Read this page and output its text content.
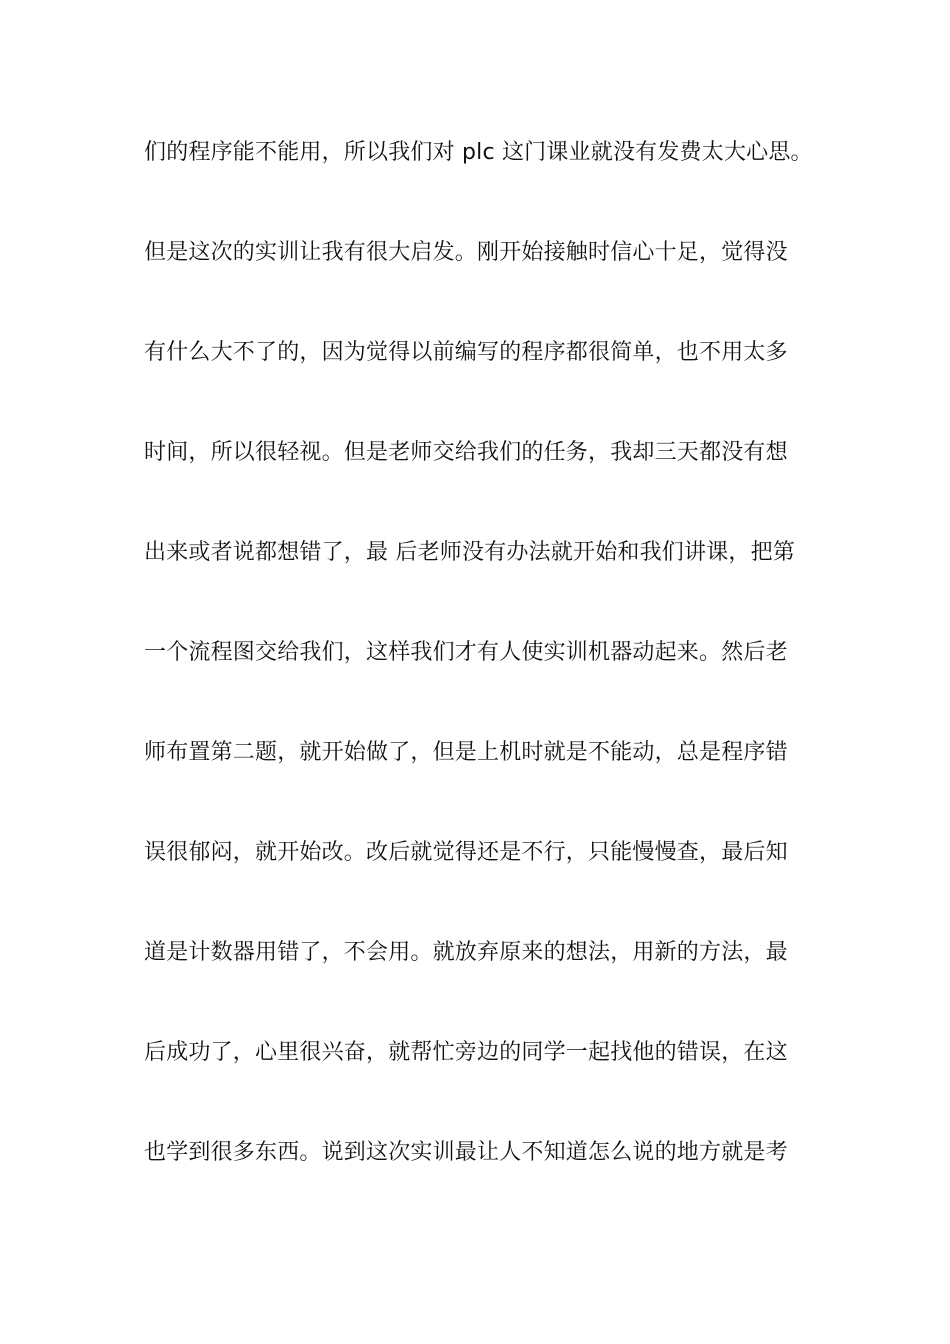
们的程序能不能用，所以我们对 plc 这门课业就没有发费太大心思。
但是这次的实训让我有很大启发。刚开始接触时信心十足，觉得没
有什么大不了的，因为觉得以前编写的程序都很简单，也不用太多
时间，所以很轻视。但是老师交给我们的任务，我却三天都没有想
出来或者说都想错了，最 后老师没有办法就开始和我们讲课，把第
一个流程图交给我们，这样我们才有人使实训机器动起来。然后老
师布置第二题，就开始做了，但是上机时就是不能动，总是程序错
误很郁闷，就开始改。改后就觉得还是不行，只能慢慢查，最后知
道是计数器用错了，不会用。就放弃原来的想法，用新的方法，最
后成功了，心里很兴奋，就帮忙旁边的同学一起找他的错误，在这
也学到很多东西。说到这次实训最让人不知道怎么说的地方就是考
